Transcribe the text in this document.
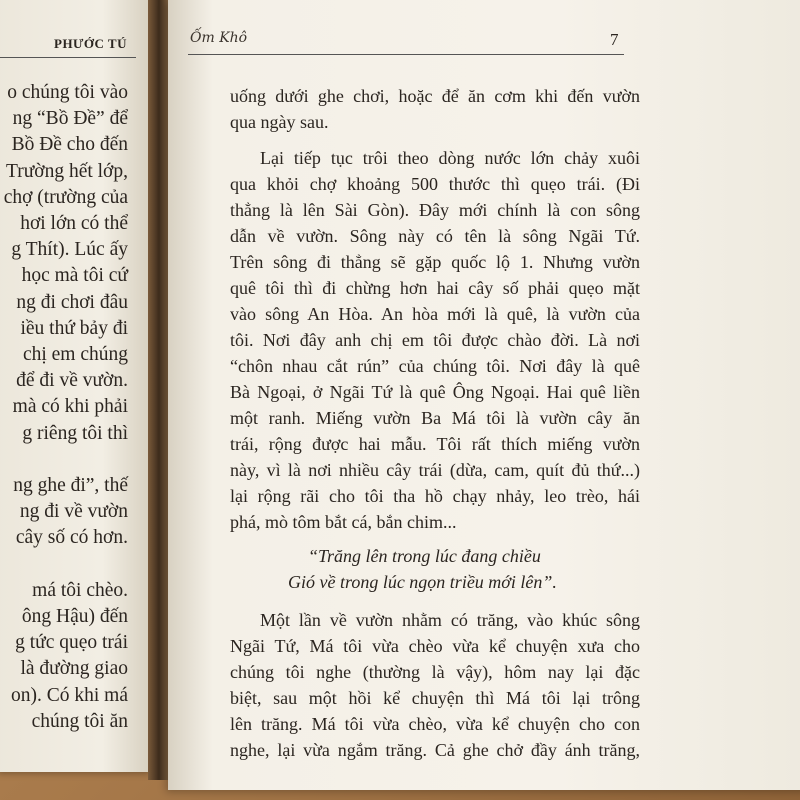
PHƯỚC TÚ
o chúng tôi vào
ng “Bồ Đề” để
Bồ Đề cho đến
Trường hết lớp,
chợ (trường của
hơi lớn có thể
g Thít). Lúc ấy
học mà tôi cứ
ng đi chơi đâu
iều thứ bảy đi
chị em chúng
để đi về vườn.
mà có khi phải
g riêng tôi thì
ng ghe đi”, thế
ng đi về vườn
cây số có hơn.
má tôi chèo.
ông Hậu) đến
g tức quẹo trái
là đường giao
on). Có khi má
chúng tôi ăn
Ốm Khô	7
uống dưới ghe chơi, hoặc để ăn cơm khi đến vườn
qua ngày sau.
Lại tiếp tục trôi theo dòng nước lớn chảy xuôi
qua khỏi chợ khoảng 500 thước thì quẹo trái. (Đi
thẳng là lên Sài Gòn). Đây mới chính là con sông
dẫn về vườn. Sông này có tên là sông Ngãi Tứ.
Trên sông đi thẳng sẽ gặp quốc lộ 1. Nhưng vườn
quê tôi thì đi chừng hơn hai cây số phải quẹo mặt
vào sông An Hòa. An hòa mới là quê, là vườn của
tôi. Nơi đây anh chị em tôi được chào đời. Là nơi
“chôn nhau cắt rún” của chúng tôi. Nơi đây là quê
Bà Ngoại, ở Ngãi Tứ là quê Ông Ngoại. Hai quê liền
một ranh. Miếng vườn Ba Má tôi là vườn cây ăn
trái, rộng được hai mẫu. Tôi rất thích miếng vườn
này, vì là nơi nhiều cây trái (dừa, cam, quít đủ thứ...)
lại rộng rãi cho tôi tha hồ chạy nhảy, leo trèo, hái
phá, mò tôm bắt cá, bắn chim...
“Trăng lên trong lúc đang chiều
Gió về trong lúc ngọn triều mới lên”.
Một lần về vườn nhằm có trăng, vào khúc sông
Ngãi Tứ, Má tôi vừa chèo vừa kể chuyện xưa cho
chúng tôi nghe (thường là vậy), hôm nay lại đặc
biệt, sau một hồi kể chuyện thì Má tôi lại trông
lên trăng. Má tôi vừa chèo, vừa kể chuyện cho con
nghe, lại vừa ngắm trăng. Cả ghe chở đầy ánh trăng,
